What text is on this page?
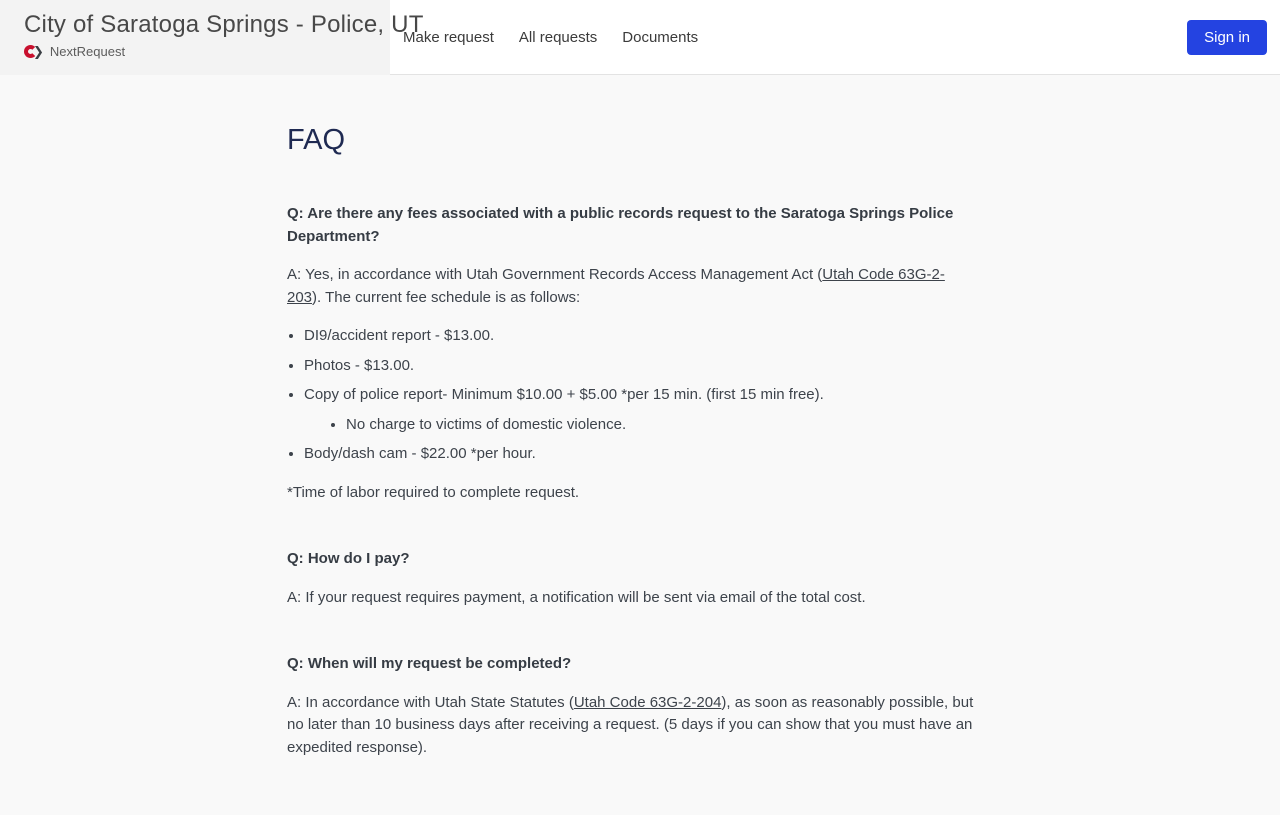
City of Saratoga Springs - Police, UT
❯ NextRequest
Make request All requests Documents	Sign in
FAQ

Q: Are there any fees associated with a public records request to the Saratoga Springs Police Department?

A: Yes, in accordance with Utah Government Records Access Management Act (Utah Code 63G-2-203). The current fee schedule is as follows:

• DI9/accident report - $13.00.
• Photos - $13.00.
• Copy of police report- Minimum $10.00 + $5.00 *per 15 min. (first 15 min free).
• No charge to victims of domestic violence.
• Body/dash cam - $22.00 *per hour.

*Time of labor required to complete request.

Q: How do I pay?

A: If your request requires payment, a notification will be sent via email of the total cost.

Q: When will my request be completed?

A: In accordance with Utah State Statutes (Utah Code 63G-2-204), as soon as reasonably possible, but no later than 10 business days after receiving a request. (5 days if you can show that you must have an expedited response).
